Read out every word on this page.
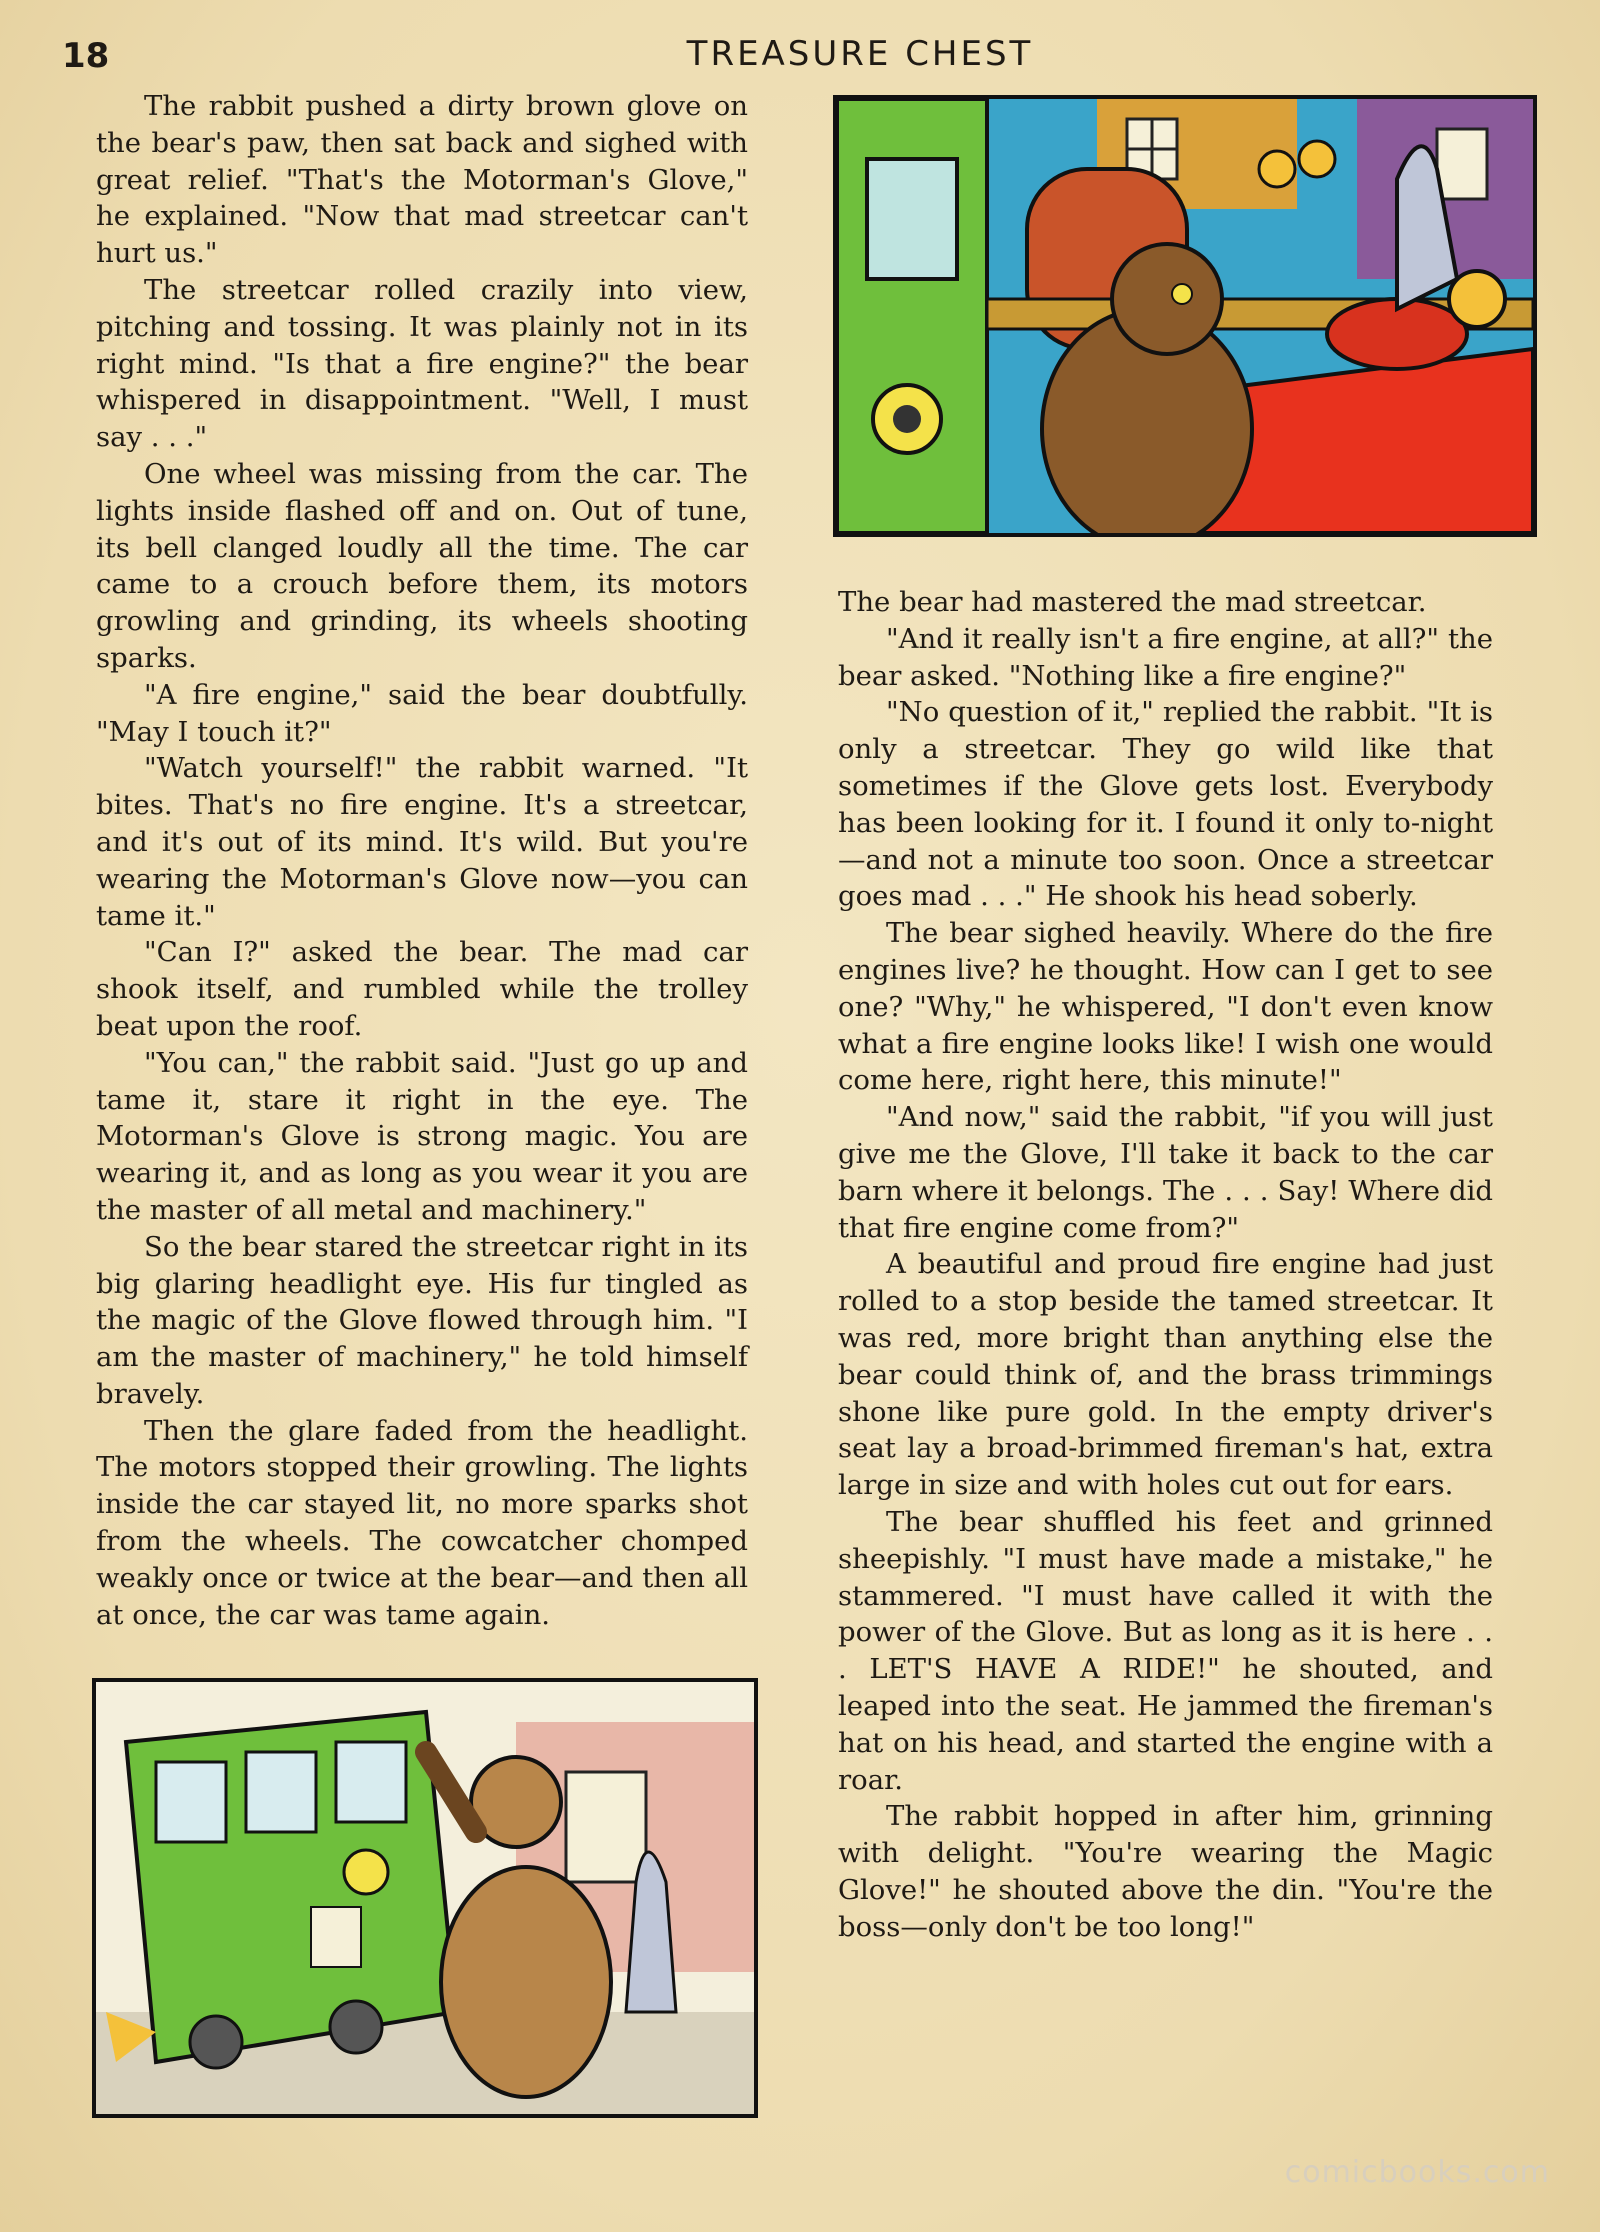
18	TREASURE CHEST

The rabbit pushed a dirty brown glove on the bear's paw, then sat back and sighed with great relief. "That's the Motorman's Glove," he explained. "Now that mad streetcar can't hurt us."

The streetcar rolled crazily into view, pitching and tossing. It was plainly not in its right mind. "Is that a fire engine?" the bear whispered in disappointment. "Well, I must say . . ."

One wheel was missing from the car. The lights inside flashed off and on. Out of tune, its bell clanged loudly all the time. The car came to a crouch before them, its motors growling and grinding, its wheels shooting sparks.

"A fire engine," said the bear doubtfully. "May I touch it?"

"Watch yourself!" the rabbit warned. "It bites. That's no fire engine. It's a streetcar, and it's out of its mind. It's wild. But you're wearing the Motorman's Glove now—you can tame it."

"Can I?" asked the bear. The mad car shook itself, and rumbled while the trolley beat upon the roof.

"You can," the rabbit said. "Just go up and tame it, stare it right in the eye. The Motorman's Glove is strong magic. You are wearing it, and as long as you wear it you are the master of all metal and machinery."

So the bear stared the streetcar right in its big glaring headlight eye. His fur tingled as the magic of the Glove flowed through him. "I am the master of machinery," he told himself bravely.

Then the glare faded from the headlight. The motors stopped their growling. The lights inside the car stayed lit, no more sparks shot from the wheels. The cowcatcher chomped weakly once or twice at the bear—and then all at once, the car was tame again.

The bear had mastered the mad streetcar.

"And it really isn't a fire engine, at all?" the bear asked. "Nothing like a fire engine?"

"No question of it," replied the rabbit. "It is only a streetcar. They go wild like that sometimes if the Glove gets lost. Everybody has been looking for it. I found it only to-night—and not a minute too soon. Once a streetcar goes mad . . ." He shook his head soberly.

The bear sighed heavily. Where do the fire engines live? he thought. How can I get to see one? "Why," he whispered, "I don't even know what a fire engine looks like! I wish one would come here, right here, this minute!"

"And now," said the rabbit, "if you will just give me the Glove, I'll take it back to the car barn where it belongs. The . . . Say! Where did that fire engine come from?"

A beautiful and proud fire engine had just rolled to a stop beside the tamed streetcar. It was red, more bright than anything else the bear could think of, and the brass trimmings shone like pure gold. In the empty driver's seat lay a broad-brimmed fireman's hat, extra large in size and with holes cut out for ears.

The bear shuffled his feet and grinned sheepishly. "I must have made a mistake," he stammered. "I must have called it with the power of the Glove. But as long as it is here . . . LET'S HAVE A RIDE!" he shouted, and leaped into the seat. He jammed the fireman's hat on his head, and started the engine with a roar.

The rabbit hopped in after him, grinning with delight. "You're wearing the Magic Glove!" he shouted above the din. "You're the boss—only don't be too long!"

comicbooks.com
